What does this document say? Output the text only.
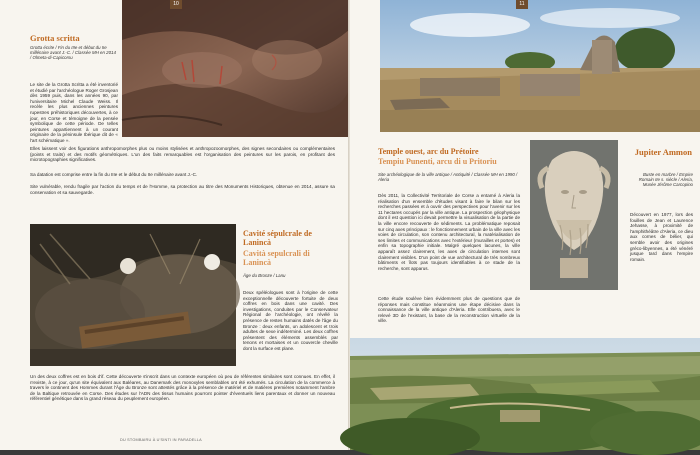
10
Grotta scritta
Grotta écrite / Fin du IIIe et début du IIe millénaire avant J.-C. / Classée MH en 2014 / Olmeta-di-Capicorsu
Le site de la Grotta Scritta a été inventorié et étudié par l'archéologue Roger Grosjean dès 1959 puis, dans les années 90, par l'universitaire Michel Claude Weiss. Il recèle les plus anciennes peintures rupestres préhistoriques découvertes, à ce jour, en Corse et témoigne de la pensée symbolique de cette période. De telles peintures appartiennent à un courant originaire de la péninsule Ibérique dit de « l'art schématique ».
Elles laissent voir des figurations anthropomorphes plus ou moins stylisées et anthropozoomorphes, des signes secondaires ou complémentaires (points et traits) et des motifs géométriques. L'un des faits remarquables est l'organisation des peintures sur les parois, en profitant des microtopographies significatives.
Sa datation est comprise entre la fin du IIIe et le début du IIe millénaire avant J.-C.
Site vulnérable, rendu fragile par l'action du temps et de l'Homme, sa protection au titre des Monuments Historiques, obtenue en 2014, assure sa conservation et sa sauvegarde.
Cavité sépulcrale de Lanincà
Cavità sepulcrali di Lanincà
Âge du Bronze / Lanu
Deux spéléologues sont à l'origine de cette exceptionnelle découverte fortuite de deux coffres en bois dans une cavité. Des investigations, conduites par le Conservateur Régional de l'archéologie, ont révélé la présence de restes humains datés de l'âge du Bronze : deux enfants, un adolescent et trois adultes de sexe indéterminé. Les deux coffres présentent des éléments assemblés par tenons et mortaises et un couvercle cheville dont la surface est plane.
Un des deux coffres est en bois d'if. Cette découverte s'inscrit dans un contexte européen où peu de référentes similaires sont connues. En effet, il n'existe, à ce jour, qu'un site équivalent aux Baléares, au Danemark des monoxyles semblables ont été exhumés. La circulation de la commerce à travers le continent des Hommes durant l'Âge du Bronze sont attestés grâce à la présence de matériel et de matières premières notamment l'ambre de la Baltique retrouvée en Corse. Des études sur l'ADN des tissus humains pourront pointer d'éventuels liens parentaux et donner un nouveau référentiel génétique dans la grand réseau du peuplement européen.
DU STOMBAIRU À U'SINTI IN PARADELLA
11
Temple ouest, arc du Prétoire
Tempiu Punenti, arcu di u Pritoriu
Site archéologique de la ville antique / Antiquité / Classée MH en 1990 / Aleria
Dès 2011, la Collectivité Territoriale de Corse a entamé à Aleria la réalisation d'un ensemble d'études visant à faire le bilan sur les recherches passées et à ouvrir des perspectives pour l'avenir sur les 11 hectares occupés par la ville antique. La prospection géophysique dont il est question ici devait permettre la visualisation de la partie de la ville encore recouverte de sédiments. La problématique reposait sur cinq axes principaux : le fonctionnement urbain de la ville avec les voies de circulation, son contenu architectural, la matérialisation de ses limites et communications avec l'extérieur (murailles et portes) et enfin sa topographie initiale. Malgré quelques lacunes, la ville apparaît assez clairement, les axes de circulation internes sont clairement visibles. D'un point de vue architectural de très nombreux bâtiments et îlots pas toujours identifiables à ce stade de la recherche, sont apparus.
Cette étude soulève bien évidemment plus de questions que de réponses mais constitue néanmoins une étape décisive dans la connaissance de la ville antique d'Aleria. Elle contribuera, avec le relevé 3D de l'existant, la base de la reconstruction virtuelle de la ville.
Jupiter Ammon
Buste en marbre / Empire Romain IIe s. siècle / Aleria, Musée Jérôme Carcopino
Découvert en 1977, lors des fouilles de Jean et Laurence Jehasse, à proximité de l'amphithéâtre d'Aleria, ce dieu aux cornes de bélier, qui semble avoir des origines gréco-libyennes, a été vénéré jusque tard dans l'empire romain.
